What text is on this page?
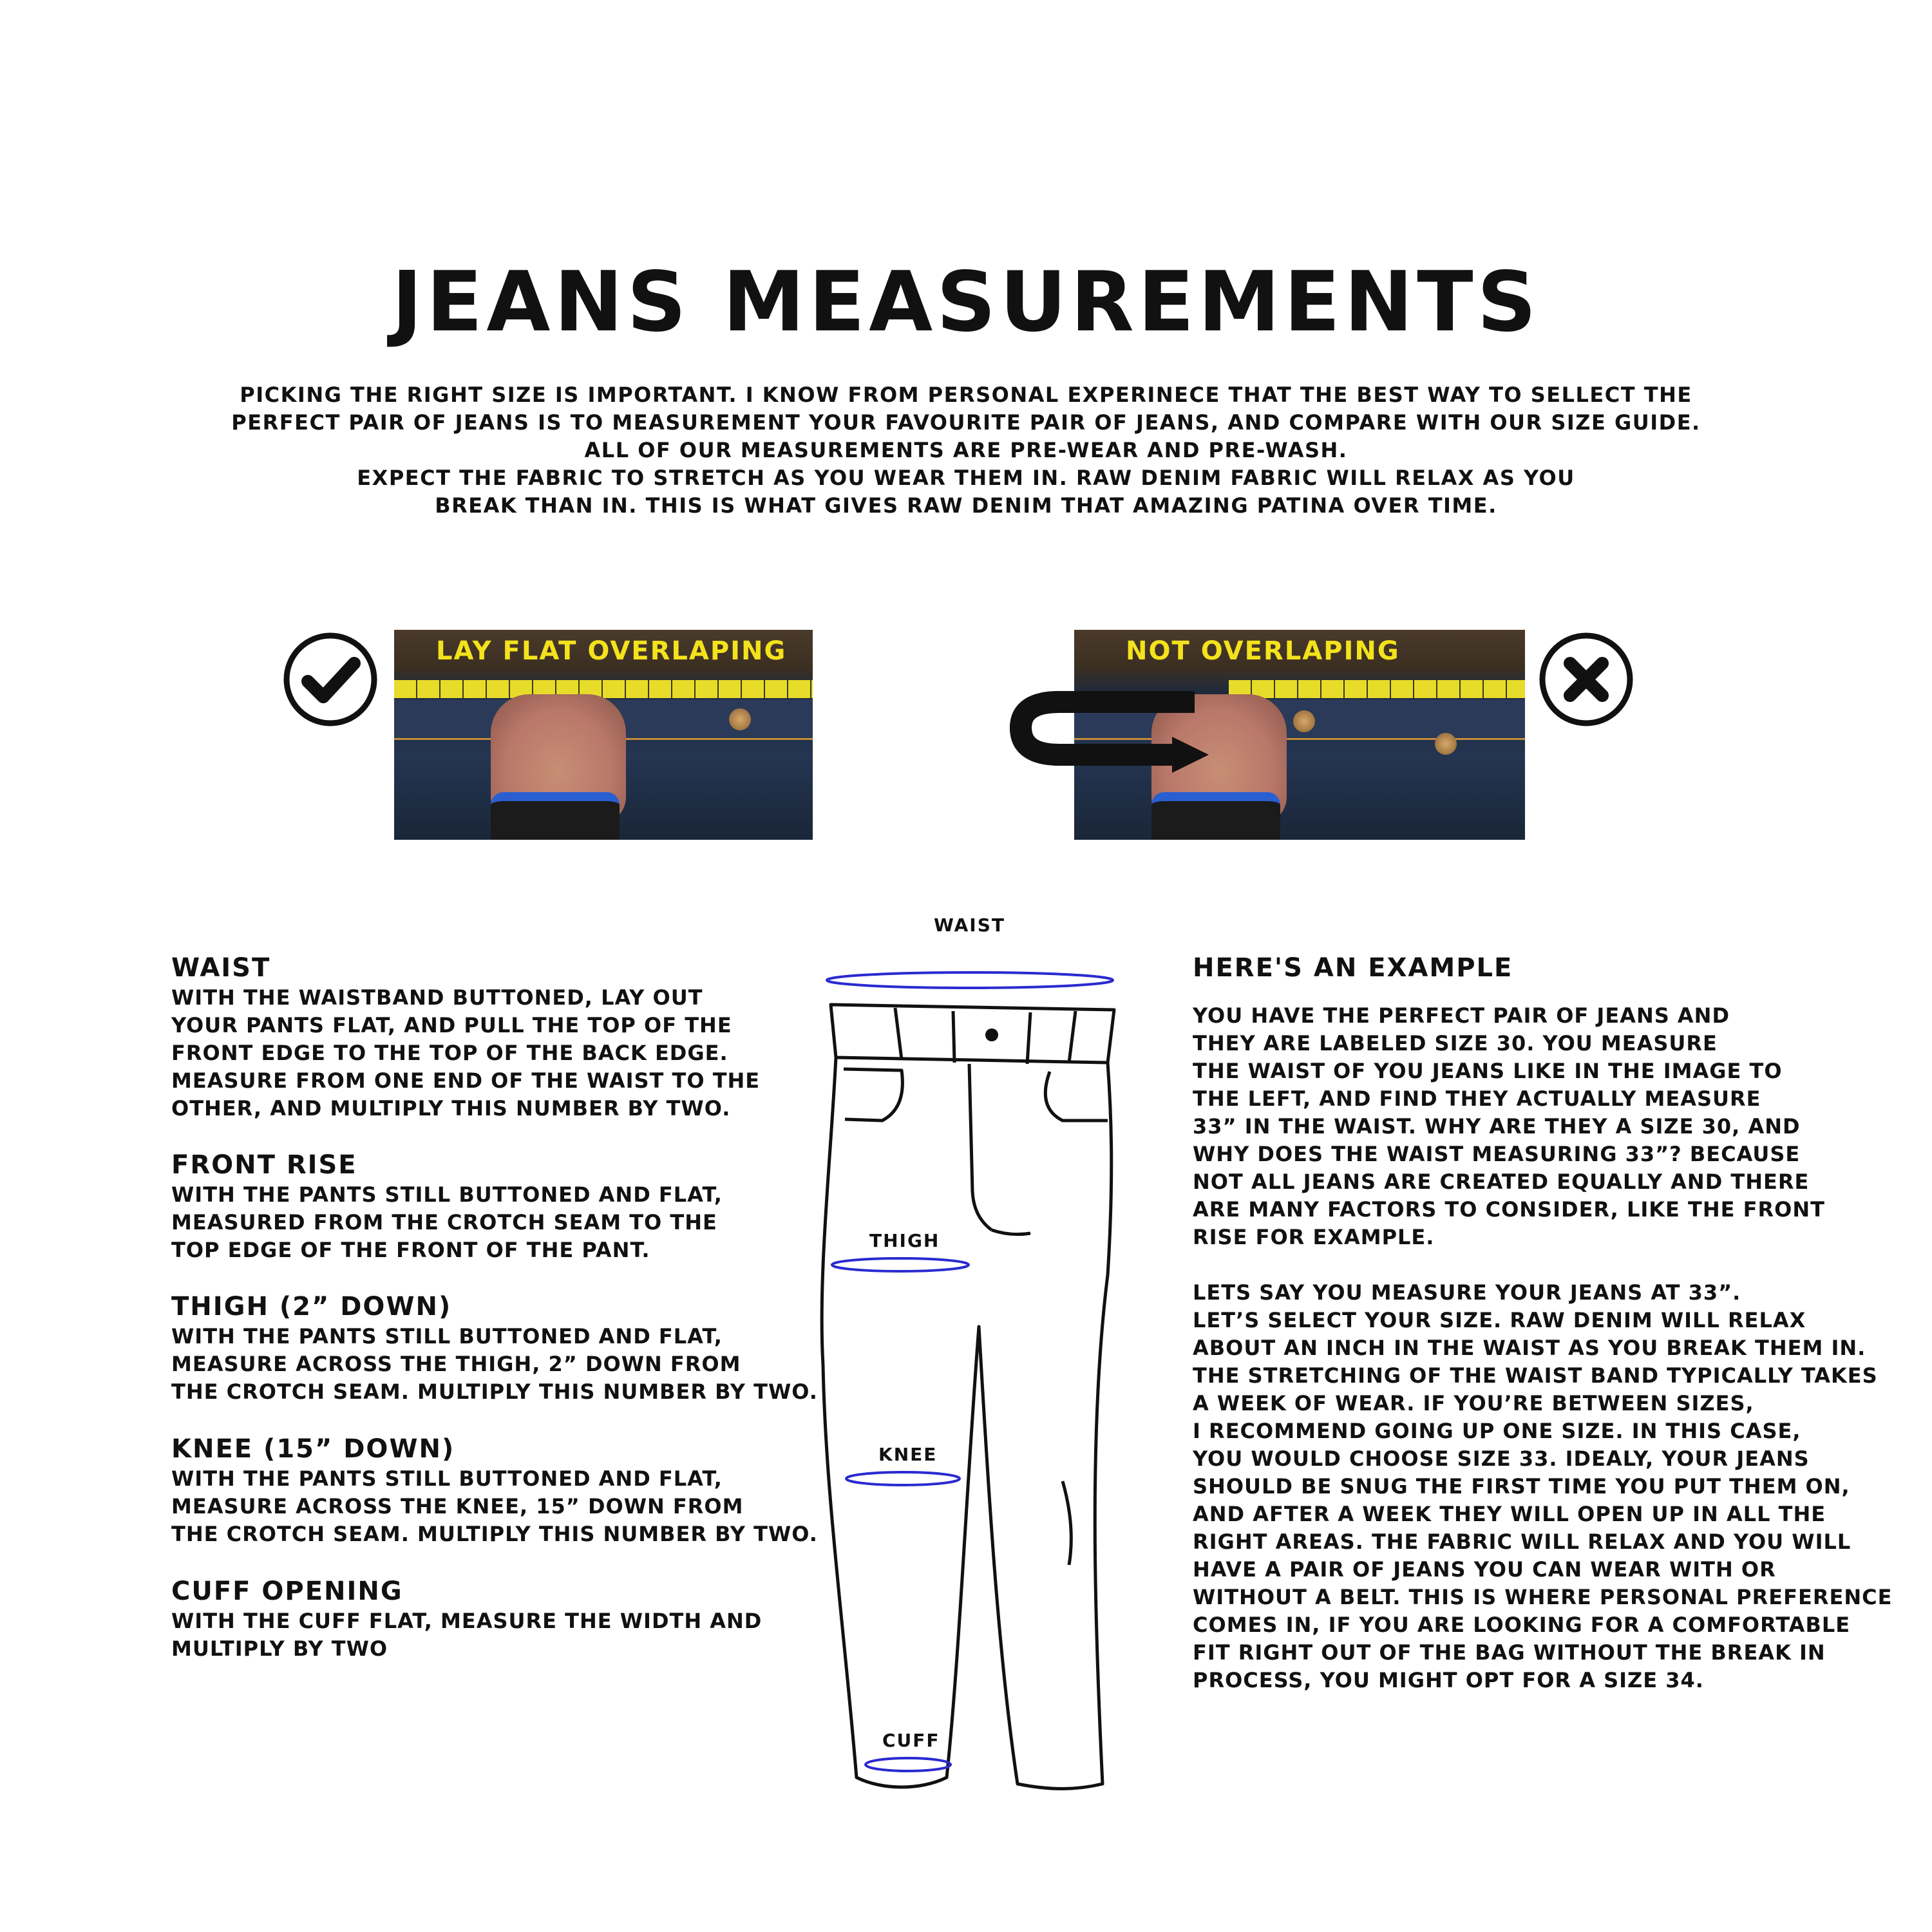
JEANS MEASUREMENTS
PICKING THE RIGHT SIZE IS IMPORTANT. I KNOW FROM PERSONAL EXPERINECE THAT THE BEST WAY TO SELLECT THE
PERFECT PAIR OF JEANS IS TO MEASUREMENT YOUR FAVOURITE PAIR OF JEANS, AND COMPARE WITH OUR SIZE GUIDE.
ALL OF OUR MEASUREMENTS ARE PRE-WEAR AND PRE-WASH.
EXPECT THE FABRIC TO STRETCH AS YOU WEAR THEM IN. RAW DENIM FABRIC WILL RELAX AS YOU
BREAK THAN IN. THIS IS WHAT GIVES RAW DENIM THAT AMAZING PATINA OVER TIME.
LAY FLAT OVERLAPING	NOT OVERLAPING
WAIST
WITH THE WAISTBAND BUTTONED, LAY OUT
YOUR PANTS FLAT, AND PULL THE TOP OF THE
FRONT EDGE TO THE TOP OF THE BACK EDGE.
MEASURE FROM ONE END OF THE WAIST TO THE
OTHER, AND MULTIPLY THIS NUMBER BY TWO.
FRONT RISE
WITH THE PANTS STILL BUTTONED AND FLAT,
MEASURED FROM THE CROTCH SEAM TO THE
TOP EDGE OF THE FRONT OF THE PANT.
THIGH (2” DOWN)
WITH THE PANTS STILL BUTTONED AND FLAT,
MEASURE ACROSS THE THIGH, 2” DOWN FROM
THE CROTCH SEAM. MULTIPLY THIS NUMBER BY TWO.
KNEE (15” DOWN)
WITH THE PANTS STILL BUTTONED AND FLAT,
MEASURE ACROSS THE KNEE, 15” DOWN FROM
THE CROTCH SEAM. MULTIPLY THIS NUMBER BY TWO.
CUFF OPENING
WITH THE CUFF FLAT, MEASURE THE WIDTH AND
MULTIPLY BY TWO
WAIST
THIGH
KNEE
CUFF
HERE'S AN EXAMPLE
YOU HAVE THE PERFECT PAIR OF JEANS AND
THEY ARE LABELED SIZE 30. YOU MEASURE
THE WAIST OF YOU JEANS LIKE IN THE IMAGE TO
THE LEFT, AND FIND THEY ACTUALLY MEASURE
33” IN THE WAIST. WHY ARE THEY A SIZE 30, AND
WHY DOES THE WAIST MEASURING 33”? BECAUSE
NOT ALL JEANS ARE CREATED EQUALLY AND THERE
ARE MANY FACTORS TO CONSIDER, LIKE THE FRONT
RISE FOR EXAMPLE.
LETS SAY YOU MEASURE YOUR JEANS AT 33”.
LET’S SELECT YOUR SIZE. RAW DENIM WILL RELAX
ABOUT AN INCH IN THE WAIST AS YOU BREAK THEM IN.
THE STRETCHING OF THE WAIST BAND TYPICALLY TAKES
A WEEK OF WEAR. IF YOU’RE BETWEEN SIZES,
I RECOMMEND GOING UP ONE SIZE. IN THIS CASE,
YOU WOULD CHOOSE SIZE 33. IDEALY, YOUR JEANS
SHOULD BE SNUG THE FIRST TIME YOU PUT THEM ON,
AND AFTER A WEEK THEY WILL OPEN UP IN ALL THE
RIGHT AREAS. THE FABRIC WILL RELAX AND YOU WILL
HAVE A PAIR OF JEANS YOU CAN WEAR WITH OR
WITHOUT A BELT. THIS IS WHERE PERSONAL PREFERENCE
COMES IN, IF YOU ARE LOOKING FOR A COMFORTABLE
FIT RIGHT OUT OF THE BAG WITHOUT THE BREAK IN
PROCESS, YOU MIGHT OPT FOR A SIZE 34.
